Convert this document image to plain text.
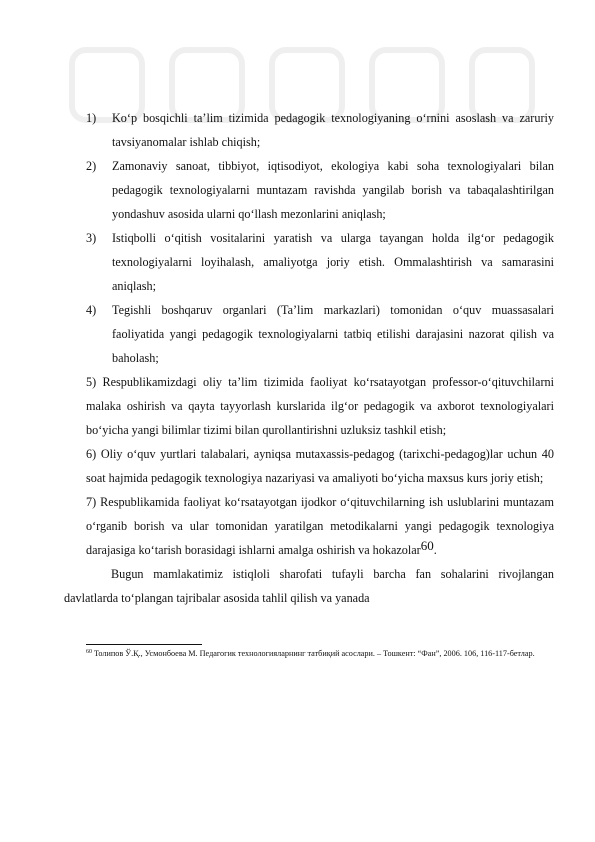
1) Ko‘p bosqichli ta’lim tizimida pedagogik texnologiyaning o‘rnini asoslash va zaruriy tavsiyanomalar ishlab chiqish;
2) Zamonaviy sanoat, tibbiyot, iqtisodiyot, ekologiya kabi soha texnologiyalari bilan pedagogik texnologiyalarni muntazam ravishda yangilab borish va tabaqalashtirilgan yondashuv asosida ularni qo‘llash mezonlarini aniqlash;
3) Istiqbolli o‘qitish vositalarini yaratish va ularga tayangan holda ilg‘or pedagogik texnologiyalarni loyihalash, amaliyotga joriy etish. Ommalashtirish va samarasini aniqlash;
4) Tegishli boshqaruv organlari (Ta’lim markazlari) tomonidan o‘quv muassasalari faoliyatida yangi pedagogik texnologiyalarni tatbiq etilishi darajasini nazorat qilish va baholash;
5) Respublikamizdagi oliy ta’lim tizimida faoliyat ko‘rsatayotgan professor-o‘qituvchilarni malaka oshirish va qayta tayyorlash kurslarida ilg‘or pedagogik va axborot texnologiyalari bo‘yicha yangi bilimlar tizimi bilan qurollantirishni uzluksiz tashkil etish;
6) Oliy o‘quv yurtlari talabalari, ayniqsa mutaxassis-pedagog (tarixchi-pedagog)lar uchun 40 soat hajmida pedagogik texnologiya nazariyasi va amaliyoti bo‘yicha maxsus kurs joriy etish;
7) Respublikamida faoliyat ko‘rsatayotgan ijodkor o‘qituvchilarning ish uslublarini muntazam o‘rganib borish va ular tomonidan yaratilgan metodikalarni yangi pedagogik texnologiya darajasiga ko‘tarish borasidagi ishlarni amalga oshirish va hokazolar$^{60}$.

Bugun mamlakatimiz istiqloli sharofati tufayli barcha fan sohalarini rivojlangan davlatlarda to‘plangan tajribalar asosida tahlil qilish va yanada

$^{60}$ Толипов Ў.Қ., Усмонбоева М. Педагогик технологияларнинг татбиқий асослари. – Тошкент: “Фан”, 2006. 106, 116-117-бетлар.
